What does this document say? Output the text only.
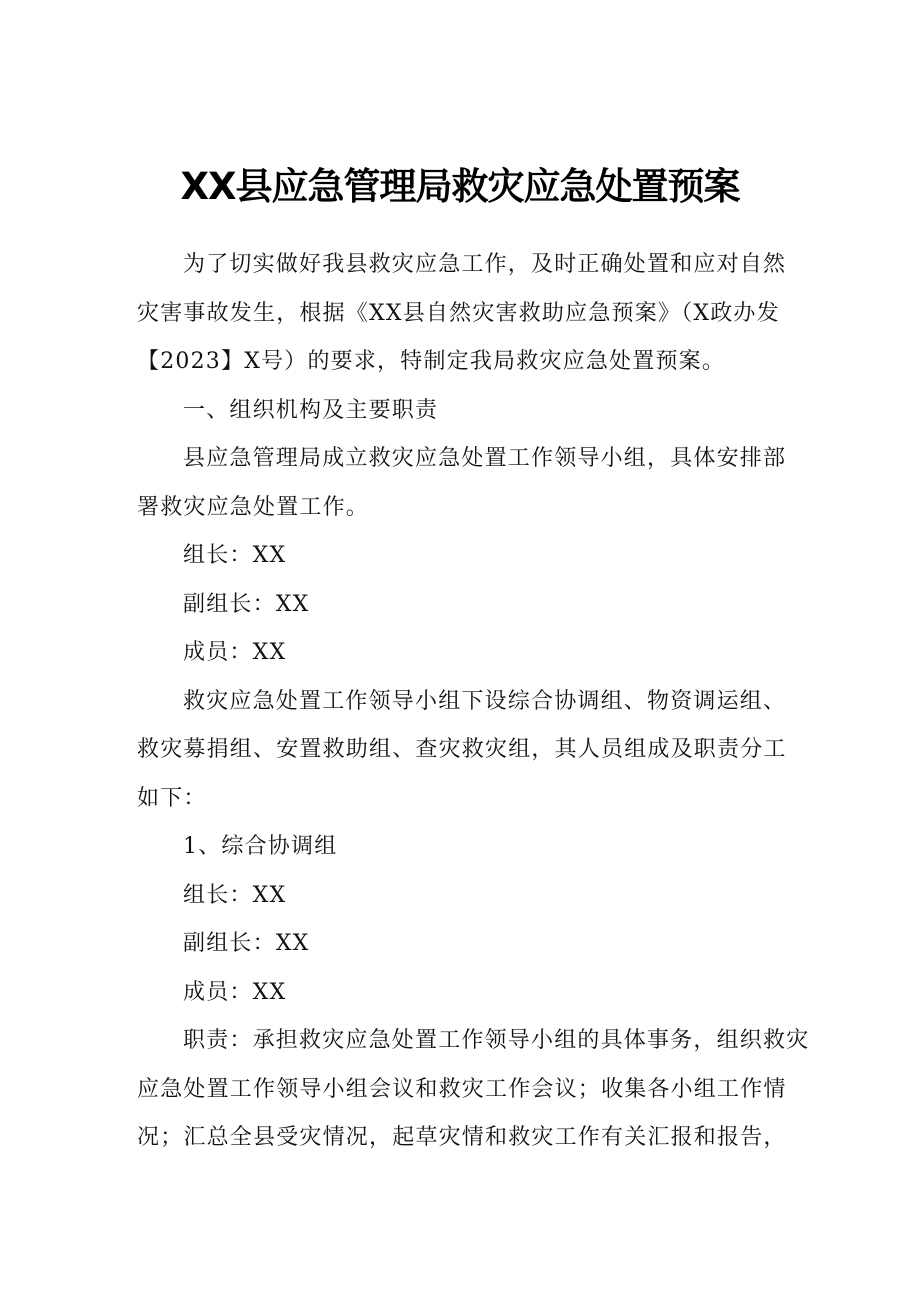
XX县应急管理局救灾应急处置预案
为了切实做好我县救灾应急工作，及时正确处置和应对自然
灾害事故发生，根据《XX县自然灾害救助应急预案》（X政办发
【2023】X号）的要求，特制定我局救灾应急处置预案。
一、组织机构及主要职责
县应急管理局成立救灾应急处置工作领导小组，具体安排部
署救灾应急处置工作。
组长：XX
副组长：XX
成员：XX
救灾应急处置工作领导小组下设综合协调组、物资调运组、
救灾募捐组、安置救助组、查灾救灾组，其人员组成及职责分工
如下：
1、综合协调组
组长：XX
副组长：XX
成员：XX
职责：承担救灾应急处置工作领导小组的具体事务，组织救灾
应急处置工作领导小组会议和救灾工作会议；收集各小组工作情
况；汇总全县受灾情况，起草灾情和救灾工作有关汇报和报告，
